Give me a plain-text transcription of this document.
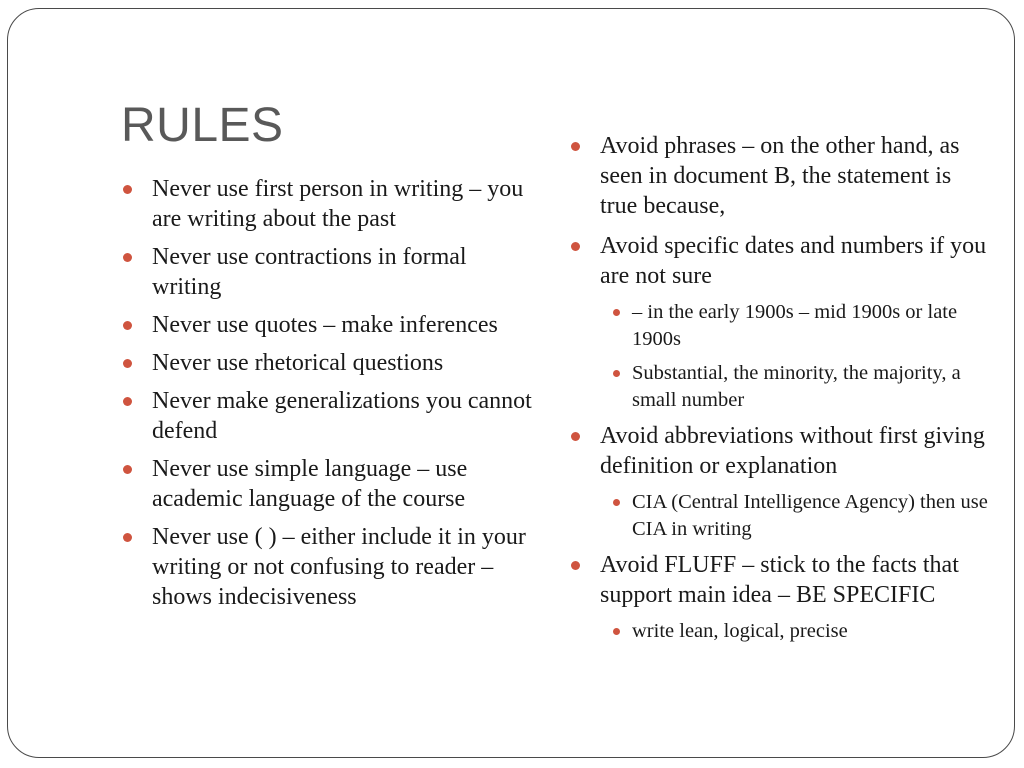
RULES
Never use first person in writing – you are writing about the past
Never use contractions in formal writing
Never use quotes – make inferences
Never use rhetorical questions
Never make generalizations you cannot defend
Never use simple language – use academic language of the course
Never use ( ) – either include it in your writing or not confusing to reader – shows indecisiveness
Avoid phrases – on the other hand, as seen in document B, the statement is true because,
Avoid specific dates and numbers if you are not sure
– in the early 1900s – mid 1900s or late 1900s
Substantial, the minority, the majority, a small number
Avoid abbreviations without first giving definition or explanation
CIA (Central Intelligence Agency) then use CIA in writing
Avoid FLUFF – stick to the facts that support main idea – BE SPECIFIC
write lean, logical, precise
